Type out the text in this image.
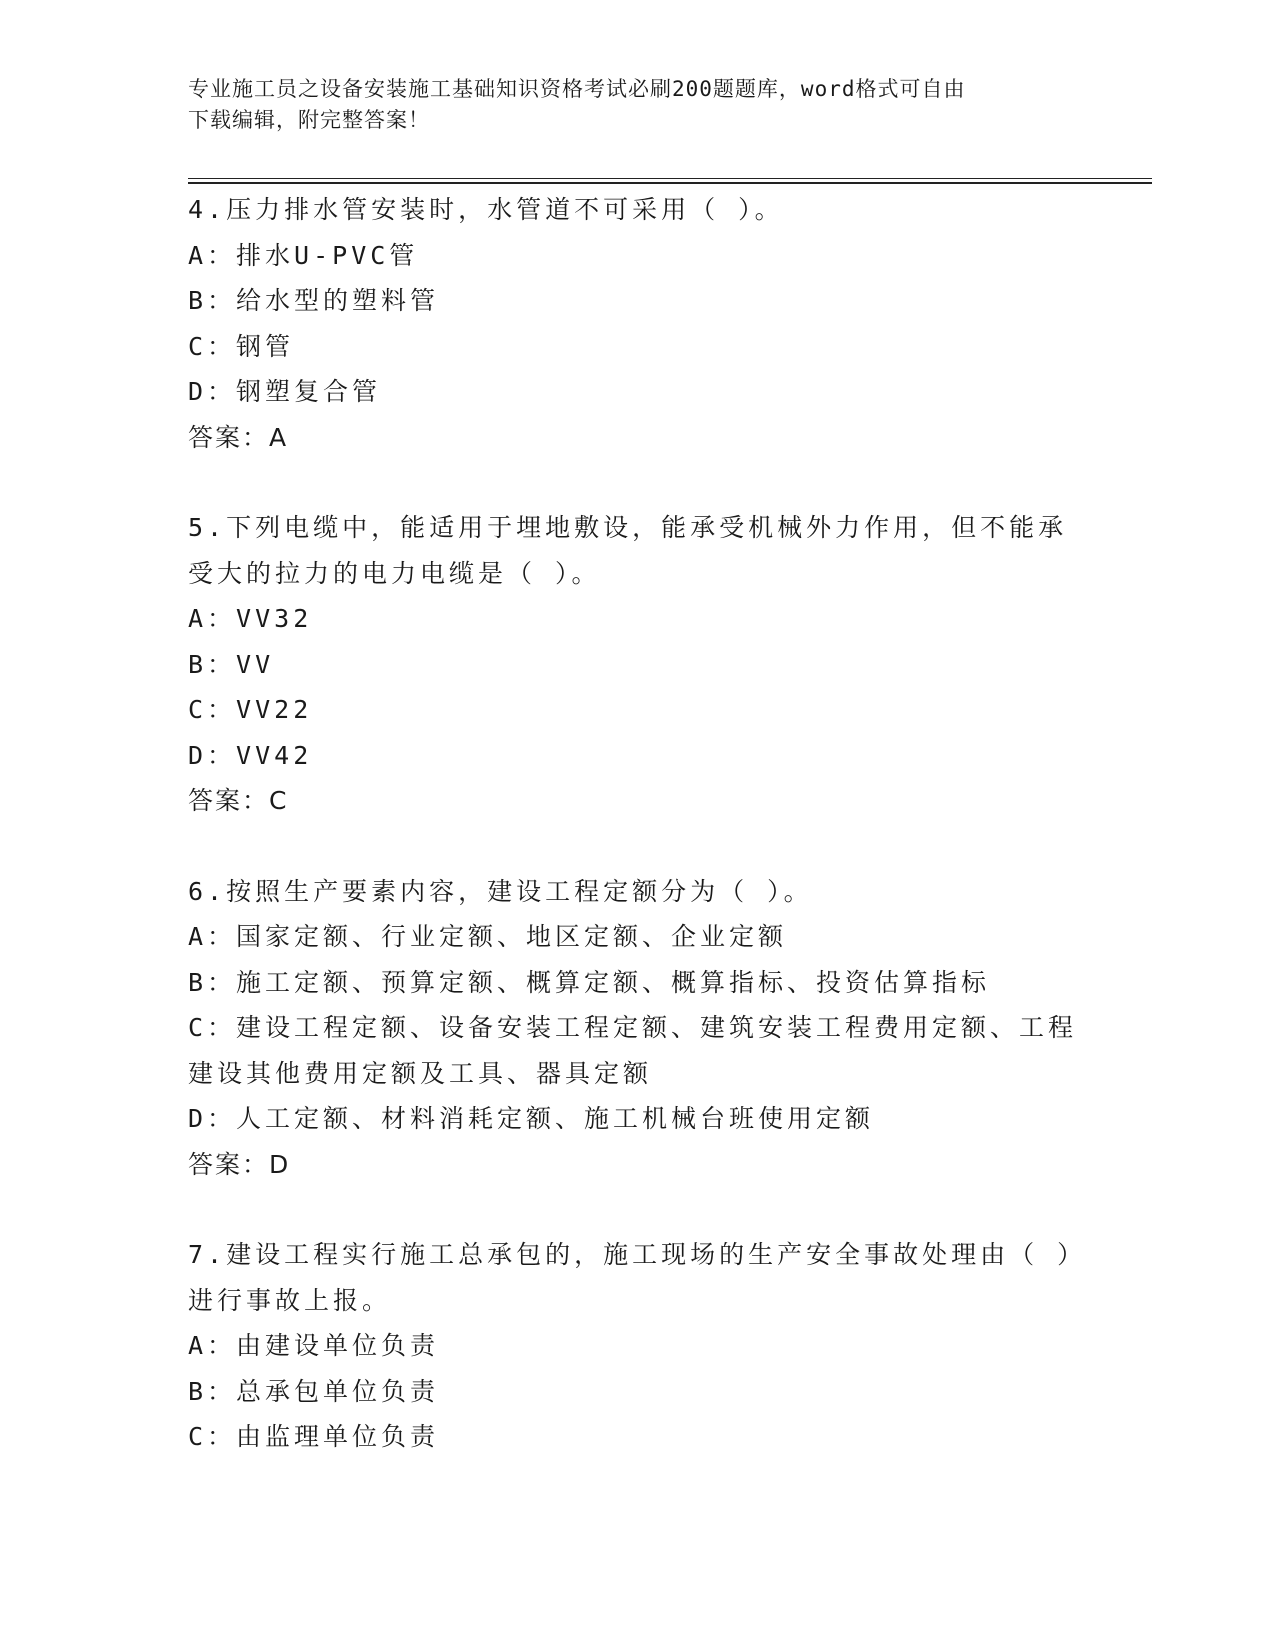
专业施工员之设备安装施工基础知识资格考试必刷200题题库，word格式可自由
下载编辑，附完整答案！
4.压力排水管安装时，水管道不可采用（ ）。
A：排水U-PVC管
B：给水型的塑料管
C：钢管
D：钢塑复合管
答案：A
5.下列电缆中，能适用于埋地敷设，能承受机械外力作用，但不能承
受大的拉力的电力电缆是（ ）。
A：VV32
B：VV
C：VV22
D：VV42
答案：C
6.按照生产要素内容，建设工程定额分为（ ）。
A：国家定额、行业定额、地区定额、企业定额
B：施工定额、预算定额、概算定额、概算指标、投资估算指标
C：建设工程定额、设备安装工程定额、建筑安装工程费用定额、工程
建设其他费用定额及工具、器具定额
D：人工定额、材料消耗定额、施工机械台班使用定额
答案：D
7.建设工程实行施工总承包的，施工现场的生产安全事故处理由（ ）
进行事故上报。
A：由建设单位负责
B：总承包单位负责
C：由监理单位负责
